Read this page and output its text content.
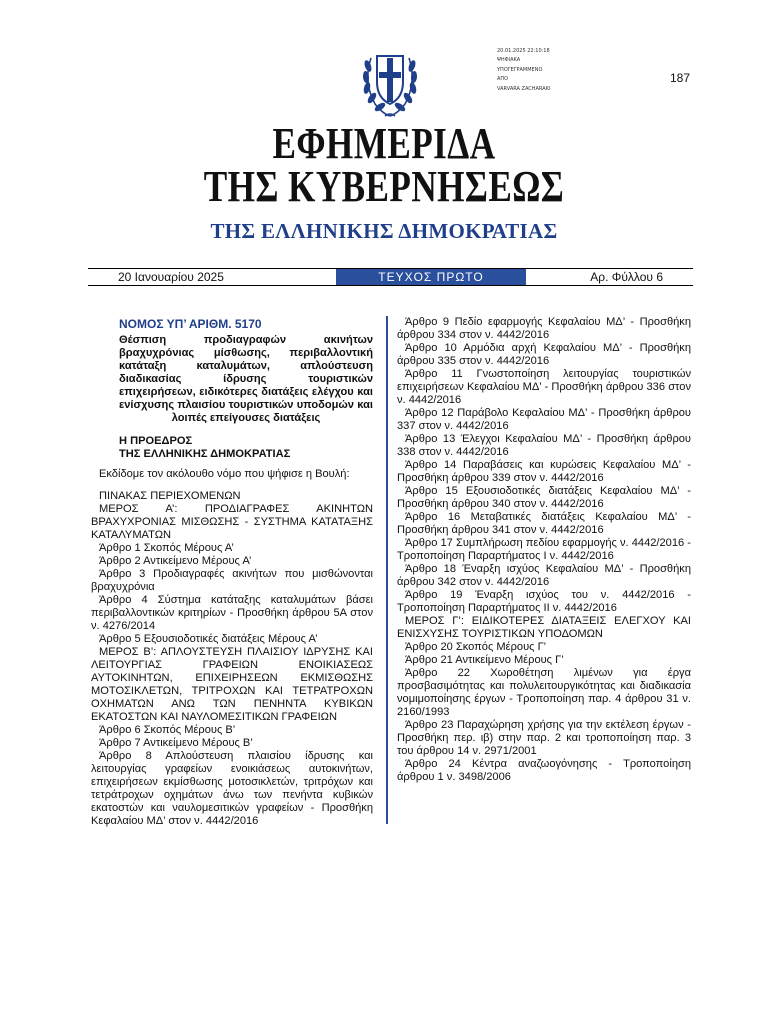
20.01.2025 22:10:18
ΨΗΦΙΑΚΑ
ΥΠΟΓΕΓΡΑΜΜΕΝΟ
ΑΠΟ
VARVARA ZACHARAKI
187
ΕΦΗΜΕΡΙΔΑ
ΤΗΣ ΚΥΒΕΡΝΗΣΕΩΣ
ΤΗΣ ΕΛΛΗΝΙΚΗΣ ΔΗΜΟΚΡΑΤΙΑΣ
20 Ιανουαρίου 2025	ΤΕΥΧΟΣ ΠΡΩΤΟ	Αρ. Φύλλου 6

ΝΟΜΟΣ ΥΠ’ ΑΡΙΘΜ. 5170

Θέσπιση προδιαγραφών ακινήτων βραχυχρόνιας μίσθωσης, περιβαλλοντική κατάταξη καταλυμάτων, απλούστευση διαδικασίας ίδρυσης τουριστικών επιχειρήσεων, ειδικότερες διατάξεις ελέγχου και ενίσχυσης πλαισίου τουριστικών υποδομών και λοιπές επείγουσες διατάξεις

Η ΠΡΟΕΔΡΟΣ

ΤΗΣ ΕΛΛΗΝΙΚΗΣ ΔΗΜΟΚΡΑΤΙΑΣ

Εκδίδομε τον ακόλουθο νόμο που ψήφισε η Βουλή:

ΠΙΝΑΚΑΣ ΠΕΡΙΕΧΟΜΕΝΩΝ

ΜΕΡΟΣ Α’: ΠΡΟΔΙΑΓΡΑΦΕΣ ΑΚΙΝΗΤΩΝ ΒΡΑΧΥΧΡΟΝΙΑΣ ΜΙΣΘΩΣΗΣ - ΣΥΣΤΗΜΑ ΚΑΤΑΤΑΞΗΣ ΚΑΤΑΛΥΜΑΤΩΝ

Άρθρο 1 Σκοπός Μέρους Α’

Άρθρο 2 Αντικείμενο Μέρους Α’

Άρθρο 3 Προδιαγραφές ακινήτων που μισθώνονται βραχυχρόνια

Άρθρο 4 Σύστημα κατάταξης καταλυμάτων βάσει περιβαλλοντικών κριτηρίων - Προσθήκη άρθρου 5Α στον ν. 4276/2014

Άρθρο 5 Εξουσιοδοτικές διατάξεις Μέρους Α’

ΜΕΡΟΣ Β’: ΑΠΛΟΥΣΤΕΥΣΗ ΠΛΑΙΣΙΟΥ ΙΔΡΥΣΗΣ ΚΑΙ ΛΕΙΤΟΥΡΓΙΑΣ ΓΡΑΦΕΙΩΝ ΕΝΟΙΚΙΑΣΕΩΣ ΑΥΤΟΚΙΝΗΤΩΝ, ΕΠΙΧΕΙΡΗΣΕΩΝ ΕΚΜΙΣΘΩΣΗΣ ΜΟΤΟΣΙΚΛΕΤΩΝ, ΤΡΙΤΡΟΧΩΝ ΚΑΙ ΤΕΤΡΑΤΡΟΧΩΝ ΟΧΗΜΑΤΩΝ ΑΝΩ ΤΩΝ ΠΕΝΗΝΤΑ ΚΥΒΙΚΩΝ ΕΚΑΤΟΣΤΩΝ ΚΑΙ ΝΑΥΛΟΜΕΣΙΤΙΚΩΝ ΓΡΑΦΕΙΩΝ

Άρθρο 6 Σκοπός Μέρους Β’

Άρθρο 7 Αντικείμενο Μέρους Β’

Άρθρο 8 Απλούστευση πλαισίου ίδρυσης και λειτουργίας γραφείων ενοικιάσεως αυτοκινήτων, επιχειρήσεων εκμίσθωσης μοτοσικλετών, τριτρόχων και τετράτροχων οχημάτων άνω των πενήντα κυβικών εκατοστών και ναυλομεσιτικών γραφείων - Προσθήκη Κεφαλαίου ΜΔ’ στον ν. 4442/2016

Άρθρο 9 Πεδίο εφαρμογής Κεφαλαίου ΜΔ’ - Προσθήκη άρθρου 334 στον ν. 4442/2016

Άρθρο 10 Αρμόδια αρχή Κεφαλαίου ΜΔ’ - Προσθήκη άρθρου 335 στον ν. 4442/2016

Άρθρο 11 Γνωστοποίηση λειτουργίας τουριστικών επιχειρήσεων Κεφαλαίου ΜΔ’ - Προσθήκη άρθρου 336 στον ν. 4442/2016

Άρθρο 12 Παράβολο Κεφαλαίου ΜΔ’ - Προσθήκη άρθρου 337 στον ν. 4442/2016

Άρθρο 13 Έλεγχοι Κεφαλαίου ΜΔ’ - Προσθήκη άρθρου 338 στον ν. 4442/2016

Άρθρο 14 Παραβάσεις και κυρώσεις Κεφαλαίου ΜΔ’ - Προσθήκη άρθρου 339 στον ν. 4442/2016

Άρθρο 15 Εξουσιοδοτικές διατάξεις Κεφαλαίου ΜΔ’ - Προσθήκη άρθρου 340 στον ν. 4442/2016

Άρθρο 16 Μεταβατικές διατάξεις Κεφαλαίου ΜΔ’ - Προσθήκη άρθρου 341 στον ν. 4442/2016

Άρθρο 17 Συμπλήρωση πεδίου εφαρμογής ν. 4442/2016 - Τροποποίηση Παραρτήματος Ι ν. 4442/2016

Άρθρο 18 Έναρξη ισχύος Κεφαλαίου ΜΔ’ - Προσθήκη άρθρου 342 στον ν. 4442/2016

Άρθρο 19 Έναρξη ισχύος του ν. 4442/2016 - Τροποποίηση Παραρτήματος ΙΙ ν. 4442/2016

ΜΕΡΟΣ Γ’: ΕΙΔΙΚΟΤΕΡΕΣ ΔΙΑΤΑΞΕΙΣ ΕΛΕΓΧΟΥ ΚΑΙ ΕΝΙΣΧΥΣΗΣ ΤΟΥΡΙΣΤΙΚΩΝ ΥΠΟΔΟΜΩΝ

Άρθρο 20 Σκοπός Μέρους Γ’

Άρθρο 21 Αντικείμενο Μέρους Γ’

Άρθρο 22 Χωροθέτηση λιμένων για έργα προσβασιμότητας και πολυλειτουργικότητας και διαδικασία νομιμοποίησης έργων - Τροποποίηση παρ. 4 άρθρου 31 ν. 2160/1993

Άρθρο 23 Παραχώρηση χρήσης για την εκτέλεση έργων - Προσθήκη περ. ιβ) στην παρ. 2 και τροποποίηση παρ. 3 του άρθρου 14 ν. 2971/2001

Άρθρο 24 Κέντρα αναζωογόνησης - Τροποποίηση άρθρου 1 ν. 3498/2006
